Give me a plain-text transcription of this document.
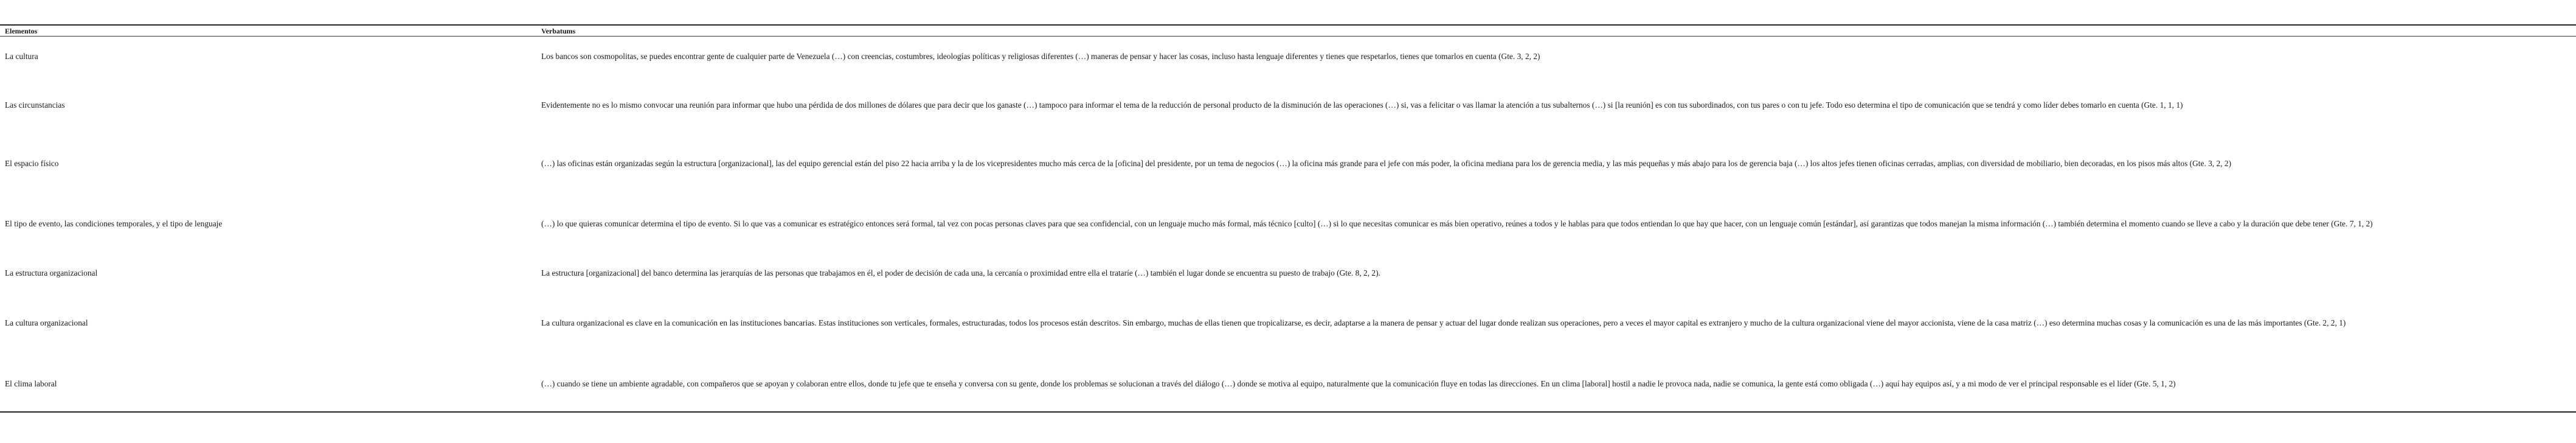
Elementos	Verbatums
La cultura	Los bancos son cosmopolitas, se puedes encontrar gente de cualquier parte de Venezuela (…) con creencias, costumbres, ideologías políticas y religiosas diferentes (…) maneras de pensar y hacer las cosas, incluso hasta lenguaje diferentes y tienes que respetarlos, tienes que tomarlos en cuenta (Gte. 3, 2, 2)
Las circunstancias	Evidentemente no es lo mismo convocar una reunión para informar que hubo una pérdida de dos millones de dólares que para decir que los ganaste (…) tampoco para informar el tema de la reducción de personal producto de la disminución de las operaciones (…) si, vas a felicitar o vas llamar la atención a tus subalternos (…) si [la reunión] es con tus subordinados, con tus pares o con tu jefe. Todo eso determina el tipo de comunicación que se tendrá y como líder debes tomarlo en cuenta (Gte. 1, 1, 1)
El espacio físico	(…) las oficinas están organizadas según la estructura [organizacional], las del equipo gerencial están del piso 22 hacia arriba y la de los vicepresidentes mucho más cerca de la [oficina] del presidente, por un tema de negocios (…) la oficina más grande para el jefe con más poder, la oficina mediana para los de gerencia media, y las más pequeñas y más abajo para los de gerencia baja (…) los altos jefes tienen oficinas cerradas, amplias, con diversidad de mobiliario, bien decoradas, en los pisos más altos (Gte. 3, 2, 2)
El tipo de evento, las condiciones temporales, y el tipo de lenguaje	(…) lo que quieras comunicar determina el tipo de evento. Si lo que vas a comunicar es estratégico entonces será formal, tal vez con pocas personas claves para que sea confidencial, con un lenguaje mucho más formal, más técnico [culto] (…) si lo que necesitas comunicar es más bien operativo, reúnes a todos y le hablas para que todos entiendan lo que hay que hacer, con un lenguaje común [estándar], así garantizas que todos manejan la misma información (…) también determina el momento cuando se lleve a cabo y la duración que debe tener (Gte. 7, 1, 2)
La estructura organizacional	La estructura [organizacional] del banco determina las jerarquías de las personas que trabajamos en él, el poder de decisión de cada una, la cercanía o proximidad entre ella el trataríe (…) también el lugar donde se encuentra su puesto de trabajo (Gte. 8, 2, 2).
La cultura organizacional	La cultura organizacional es clave en la comunicación en las instituciones bancarias. Estas instituciones son verticales, formales, estructuradas, todos los procesos están descritos. Sin embargo, muchas de ellas tienen que tropicalizarse, es decir, adaptarse a la manera de pensar y actuar del lugar donde realizan sus operaciones, pero a veces el mayor capital es extranjero y mucho de la cultura organizacional viene del mayor accionista, viene de la casa matriz (…) eso determina muchas cosas y la comunicación es una de las más importantes (Gte. 2, 2, 1)
El clima laboral	(…) cuando se tiene un ambiente agradable, con compañeros que se apoyan y colaboran entre ellos, donde tu jefe que te enseña y conversa con su gente, donde los problemas se solucionan a través del diálogo (…) donde se motiva al equipo, naturalmente que la comunicación fluye en todas las direcciones. En un clima [laboral] hostil a nadie le provoca nada, nadie se comunica, la gente está como obligada (…) aquí hay equipos así, y a mi modo de ver el principal responsable es el líder (Gte. 5, 1, 2)
